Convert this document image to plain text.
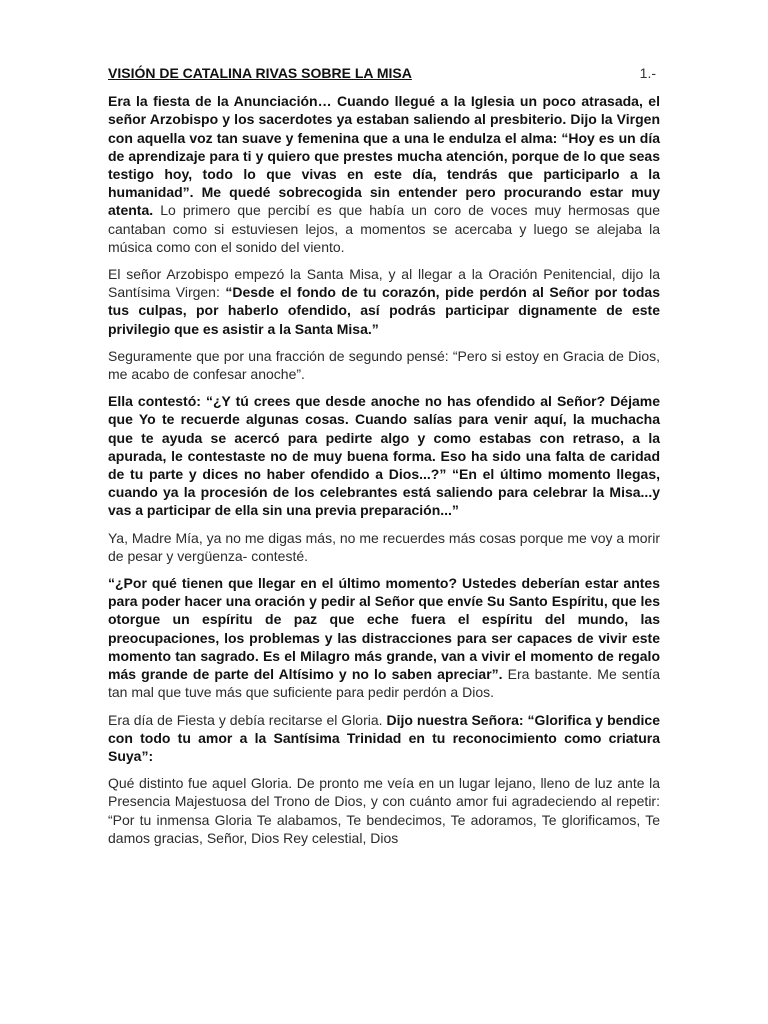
VISIÓN DE CATALINA RIVAS SOBRE LA MISA	1.-

Era la fiesta de la Anunciación… Cuando llegué a la Iglesia un poco atrasada, el señor Arzobispo y los sacerdotes ya estaban saliendo al presbiterio. Dijo la Virgen con aquella voz tan suave y femenina que a una le endulza el alma: “Hoy es un día de aprendizaje para ti y quiero que prestes mucha atención, porque de lo que seas testigo hoy, todo lo que vivas en este día, tendrás que participarlo a la humanidad”. Me quedé sobrecogida sin entender pero procurando estar muy atenta. Lo primero que percibí es que había un coro de voces muy hermosas que cantaban como si estuviesen lejos, a momentos se acercaba y luego se alejaba la música como con el sonido del viento.

El señor Arzobispo empezó la Santa Misa, y al llegar a la Oración Penitencial, dijo la Santísima Virgen: “Desde el fondo de tu corazón, pide perdón al Señor por todas tus culpas, por haberlo ofendido, así podrás participar dignamente de este privilegio que es asistir a la Santa Misa.”

Seguramente que por una fracción de segundo pensé: “Pero si estoy en Gracia de Dios, me acabo de confesar anoche”.

Ella contestó: “¿Y tú crees que desde anoche no has ofendido al Señor? Déjame que Yo te recuerde algunas cosas. Cuando salías para venir aquí, la muchacha que te ayuda se acercó para pedirte algo y como estabas con retraso, a la apurada, le contestaste no de muy buena forma. Eso ha sido una falta de caridad de tu parte y dices no haber ofendido a Dios...?” “En el último momento llegas, cuando ya la procesión de los celebrantes está saliendo para celebrar la Misa...y vas a participar de ella sin una previa preparación...”

Ya, Madre Mía, ya no me digas más, no me recuerdes más cosas porque me voy a morir de pesar y vergüenza- contesté.

“¿Por qué tienen que llegar en el último momento? Ustedes deberían estar antes para poder hacer una oración y pedir al Señor que envíe Su Santo Espíritu, que les otorgue un espíritu de paz que eche fuera el espíritu del mundo, las preocupaciones, los problemas y las distracciones para ser capaces de vivir este momento tan sagrado. Es el Milagro más grande, van a vivir el momento de regalo más grande de parte del Altísimo y no lo saben apreciar”. Era bastante. Me sentía tan mal que tuve más que suficiente para pedir perdón a Dios.

Era día de Fiesta y debía recitarse el Gloria. Dijo nuestra Señora: “Glorifica y bendice con todo tu amor a la Santísima Trinidad en tu reconocimiento como criatura Suya”:

Qué distinto fue aquel Gloria. De pronto me veía en un lugar lejano, lleno de luz ante la Presencia Majestuosa del Trono de Dios, y con cuánto amor fui agradeciendo al repetir: “Por tu inmensa Gloria Te alabamos, Te bendecimos, Te adoramos, Te glorificamos, Te damos gracias, Señor, Dios Rey celestial, Dios
